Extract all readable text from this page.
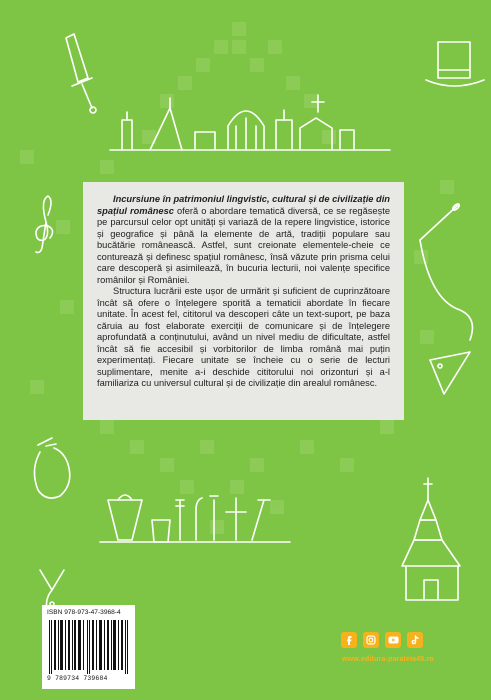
Incursiune în patrimoniul lingvistic, cultural și de civilizație din spațiul românesc oferă o abordare tematică diversă, ce se regăsește pe parcursul celor opt unități și variază de la repere lingvistice, istorice și geografice și până la elemente de artă, tradiții populare sau bucătărie românească. Astfel, sunt creionate elementele-cheie ce conturează și definesc spațiul românesc, însă văzute prin prisma celui care descoperă și asimilează, în bucuria lecturii, noi valențe specifice românilor și României.

Structura lucrării este ușor de urmărit și suficient de cuprinzătoare încât să ofere o înțelegere sporită a tematicii abordate în fiecare unitate. În acest fel, cititorul va descoperi câte un text-suport, pe baza căruia au fost elaborate exerciții de comunicare și de înțelegere aprofundată a conținutului, având un nivel mediu de dificultate, astfel încât să fie accesibil și vorbitorilor de limba română mai puțin experimentați. Fiecare unitate se încheie cu o serie de lecturi suplimentare, menite a-i deschide cititorului noi orizonturi și a-l familiariza cu universul cultural și de civilizație din arealul românesc.

ISBN 978-973-47-3968-4
9 789734 739684
www.editura-paralela45.ro
